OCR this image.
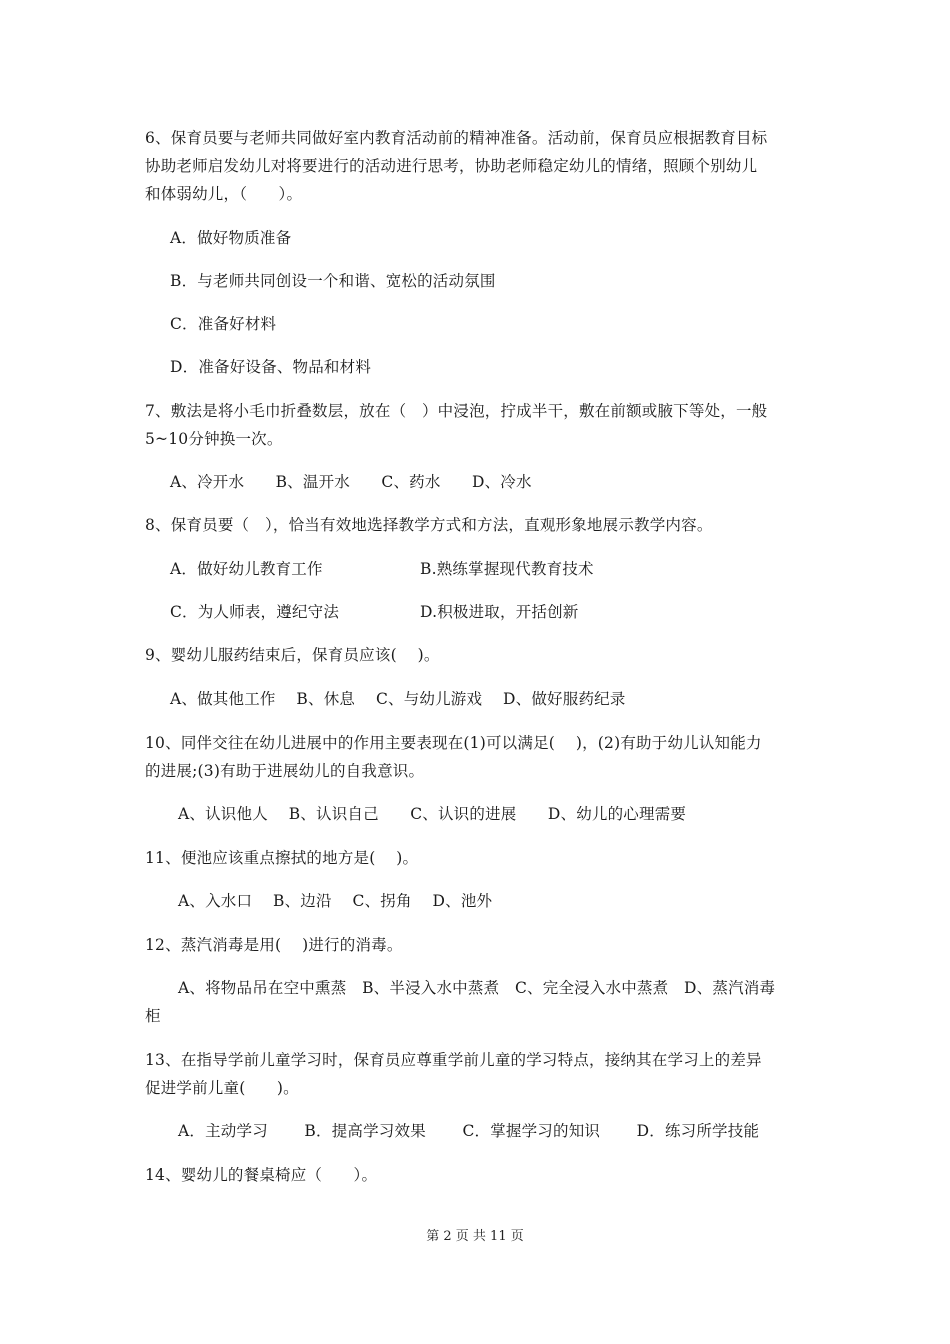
6、保育员要与老师共同做好室内教育活动前的精神准备。活动前，保育员应根据教育目标
协助老师启发幼儿对将要进行的活动进行思考，协助老师稳定幼儿的情绪，照顾个别幼儿
和体弱幼儿，（　　）。
A．做好物质准备
B．与老师共同创设一个和谐、宽松的活动氛围
C．准备好材料
D．准备好设备、物品和材料
7、敷法是将小毛巾折叠数层，放在（　）中浸泡，拧成半干，敷在前额或腋下等处，一般
5~10分钟换一次。
A、冷开水　　B、温开水　　C、药水　　D、冷水
8、保育员要（　），恰当有效地选择教学方式和方法，直观形象地展示教学内容。
A．做好幼儿教育工作	B.熟练掌握现代教育技术
C．为人师表，遵纪守法	D.积极进取，开括创新
9、婴幼儿服药结束后，保育员应该(　 )。
A、做其他工作　 B、休息　 C、与幼儿游戏　 D、做好服药纪录
10、同伴交往在幼儿进展中的作用主要表现在(1)可以满足(　 )，(2)有助于幼儿认知能力
的进展;(3)有助于进展幼儿的自我意识。
A、认识他人　 B、认识自己　　C、认识的进展　　D、幼儿的心理需要
11、便池应该重点擦拭的地方是(　 )。
A、入水口　 B、边沿　 C、拐角　 D、池外
12、蒸汽消毒是用(　 )进行的消毒。
A、将物品吊在空中熏蒸　B、半浸入水中蒸煮　C、完全浸入水中蒸煮　D、蒸汽消毒
柜
13、在指导学前儿童学习时，保育员应尊重学前儿童的学习特点，接纳其在学习上的差异
促进学前儿童(　　)。
A．主动学习　　 B．提高学习效果　　 C．掌握学习的知识　　 D．练习所学技能
14、婴幼儿的餐桌椅应（　　）。
第 2 页 共 11 页
